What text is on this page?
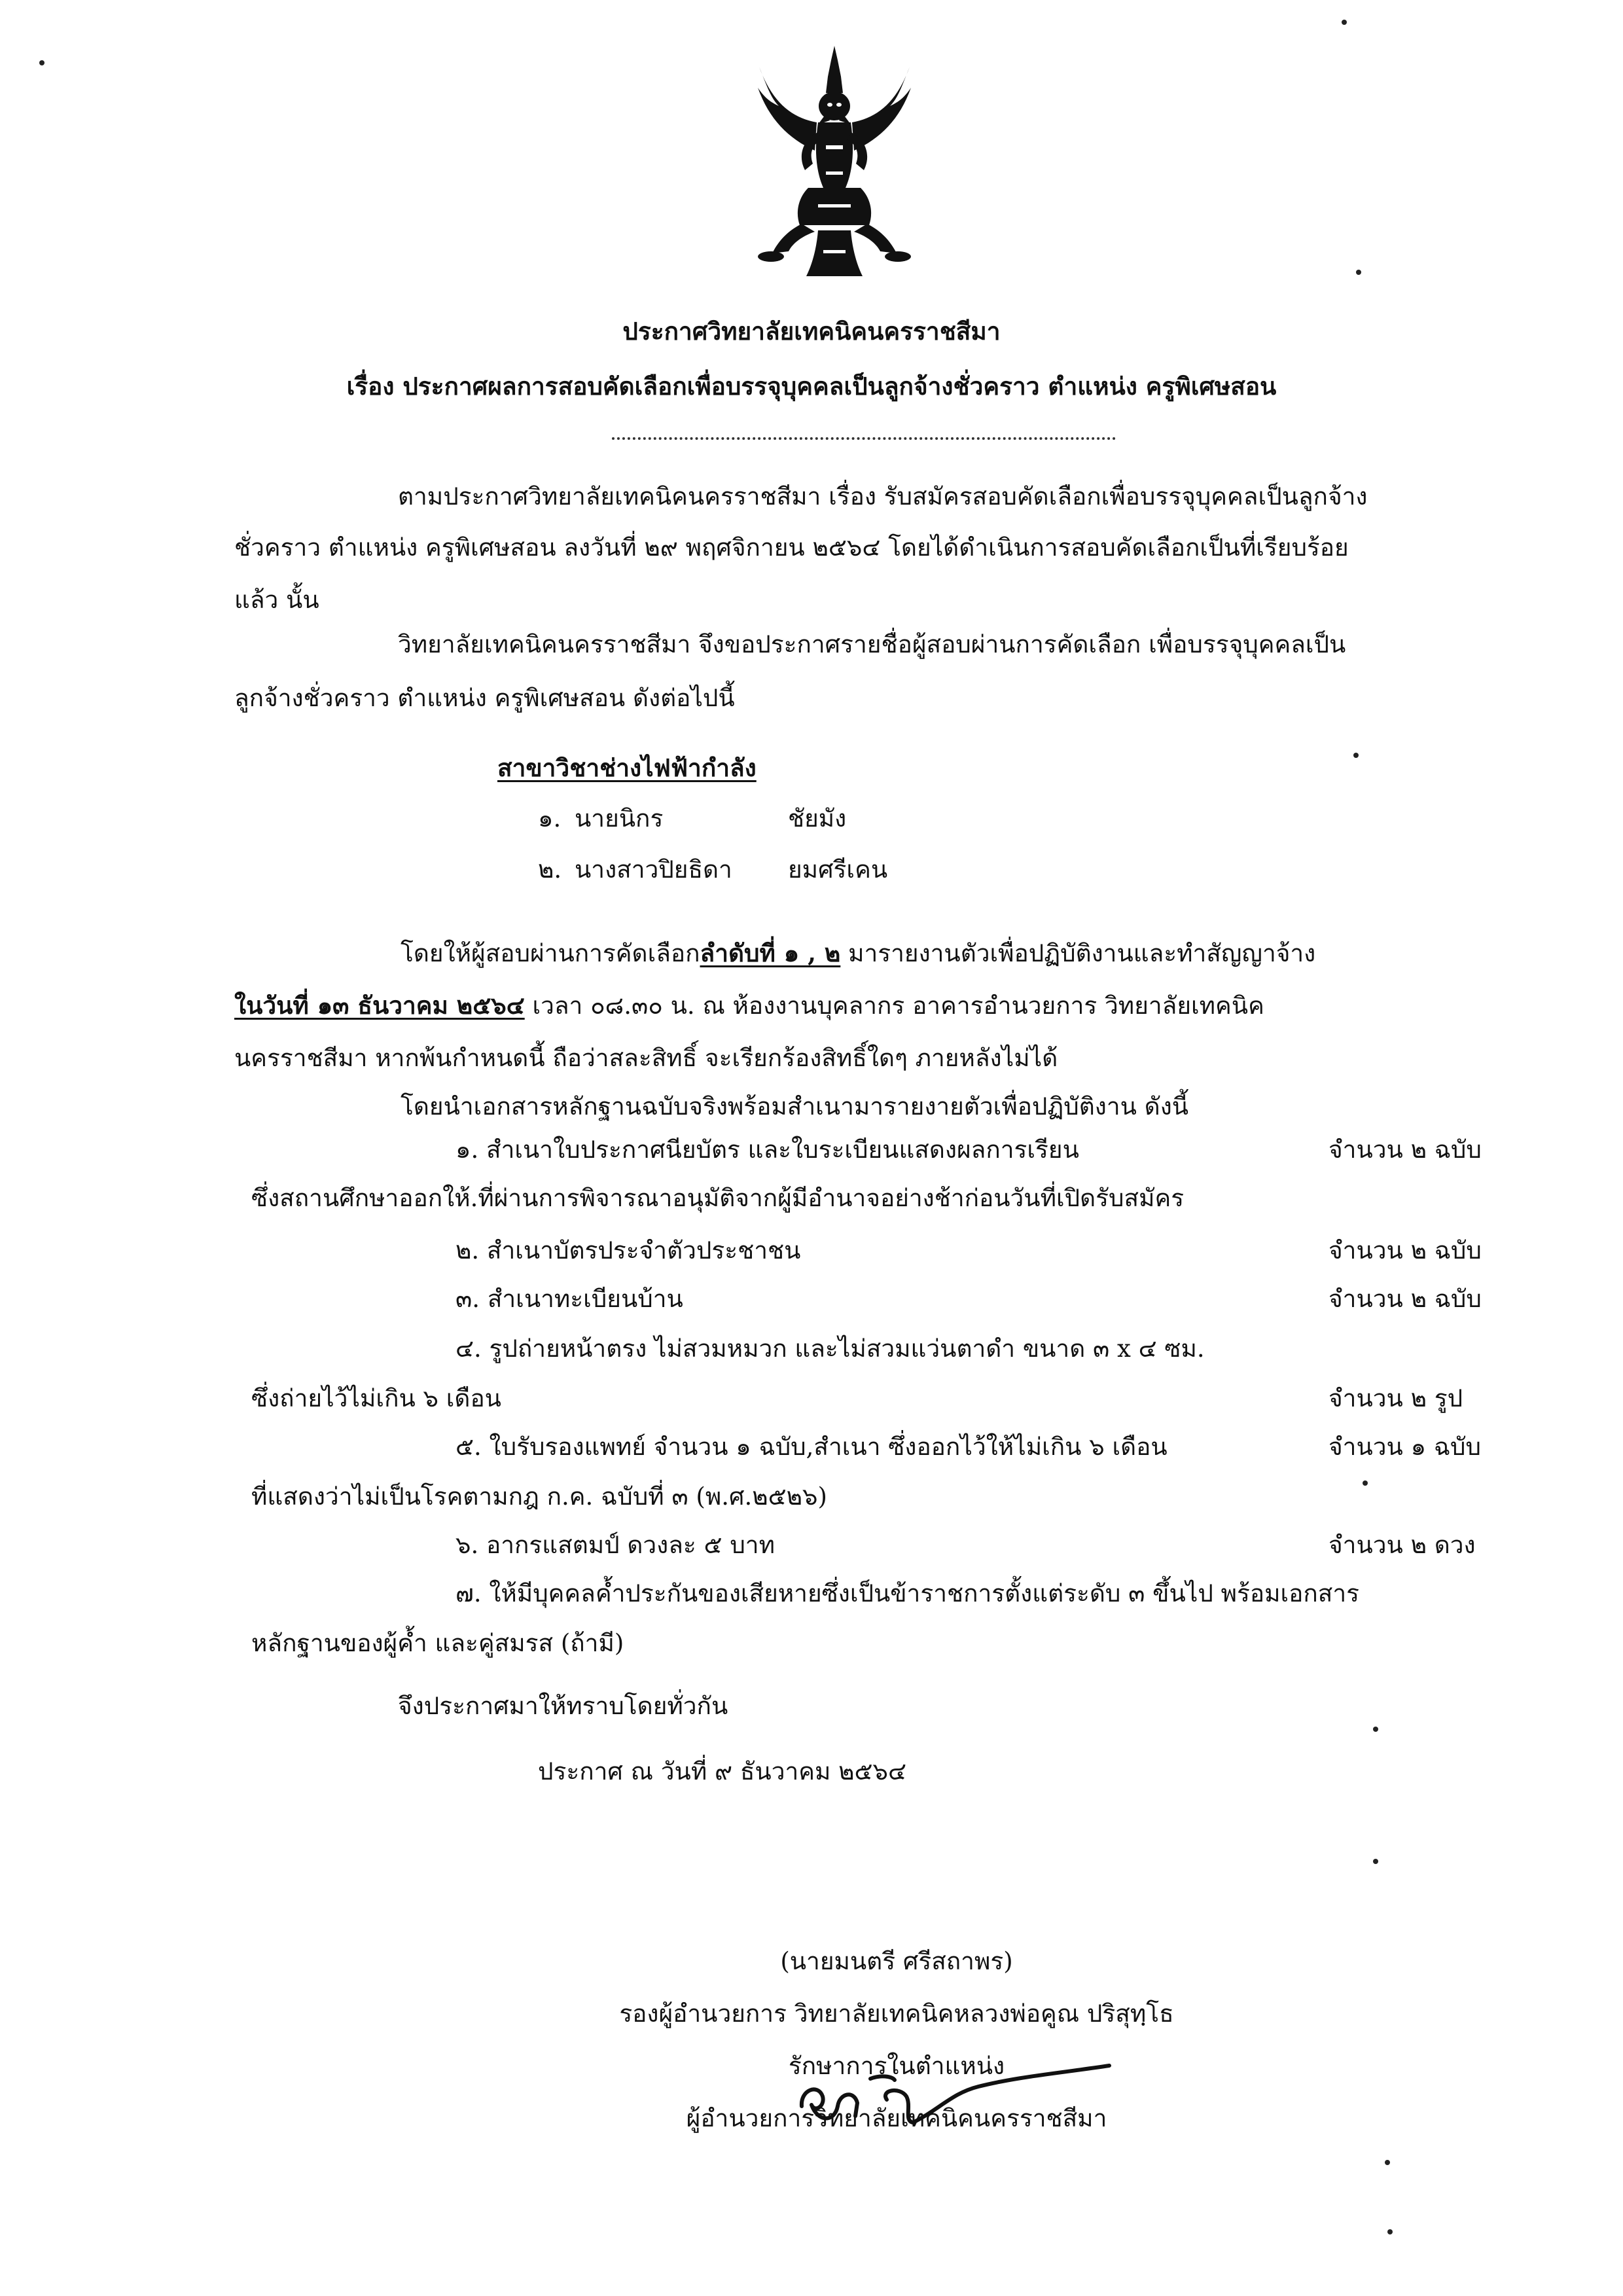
ประกาศวิทยาลัยเทคนิคนครราชสีมา
เรื่อง ประกาศผลการสอบคัดเลือกเพื่อบรรจุบุคคลเป็นลูกจ้างชั่วคราว ตำแหน่ง ครูพิเศษสอน
ตามประกาศวิทยาลัยเทคนิคนครราชสีมา เรื่อง รับสมัครสอบคัดเลือกเพื่อบรรจุบุคคลเป็นลูกจ้าง
ชั่วคราว ตำแหน่ง ครูพิเศษสอน ลงวันที่ ๒๙ พฤศจิกายน ๒๕๖๔ โดยได้ดำเนินการสอบคัดเลือกเป็นที่เรียบร้อย
แล้ว นั้น
วิทยาลัยเทคนิคนครราชสีมา จึงขอประกาศรายชื่อผู้สอบผ่านการคัดเลือก เพื่อบรรจุบุคคลเป็น
ลูกจ้างชั่วคราว ตำแหน่ง ครูพิเศษสอน ดังต่อไปนี้
สาขาวิชาช่างไฟฟ้ากำลัง
๑. นายนิกร	ชัยมัง
๒. นางสาวปิยธิดา ยมศรีเคน
โดยให้ผู้สอบผ่านการคัดเลือกลำดับที่ ๑ , ๒ มารายงานตัวเพื่อปฏิบัติงานและทำสัญญาจ้าง
ในวันที่ ๑๓ ธันวาคม ๒๕๖๔ เวลา ๐๘.๓๐ น. ณ ห้องงานบุคลากร อาคารอำนวยการ วิทยาลัยเทคนิค
นครราชสีมา หากพ้นกำหนดนี้ ถือว่าสละสิทธิ์ จะเรียกร้องสิทธิ์ใดๆ ภายหลังไม่ได้
โดยนำเอกสารหลักฐานฉบับจริงพร้อมสำเนามารายงายตัวเพื่อปฏิบัติงาน ดังนี้
๑. สำเนาใบประกาศนียบัตร และใบระเบียนแสดงผลการเรียน	จำนวน ๒ ฉบับ
ซึ่งสถานศึกษาออกให้.ที่ผ่านการพิจารณาอนุมัติจากผู้มีอำนาจอย่างช้าก่อนวันที่เปิดรับสมัคร
๒. สำเนาบัตรประจำตัวประชาชน	จำนวน ๒ ฉบับ
๓. สำเนาทะเบียนบ้าน	จำนวน ๒ ฉบับ
๔. รูปถ่ายหน้าตรง ไม่สวมหมวก และไม่สวมแว่นตาดำ ขนาด ๓ x ๔ ซม.
ซึ่งถ่ายไว้ไม่เกิน ๖ เดือน	จำนวน ๒ รูป
๕. ใบรับรองแพทย์ จำนวน ๑ ฉบับ,สำเนา ซึ่งออกไว้ให้ไม่เกิน ๖ เดือน	จำนวน ๑ ฉบับ
ที่แสดงว่าไม่เป็นโรคตามกฎ ก.ค. ฉบับที่ ๓ (พ.ศ.๒๕๒๖)
๖. อากรแสตมป์ ดวงละ ๕ บาท	จำนวน ๒ ดวง
๗. ให้มีบุคคลค้ำประกันของเสียหายซึ่งเป็นข้าราชการตั้งแต่ระดับ ๓ ขึ้นไป พร้อมเอกสาร
หลักฐานของผู้ค้ำ และคู่สมรส (ถ้ามี)
จึงประกาศมาให้ทราบโดยทั่วกัน
ประกาศ ณ วันที่ ๙ ธันวาคม ๒๕๖๔
(นายมนตรี ศรีสถาพร)
รองผู้อำนวยการ วิทยาลัยเทคนิคหลวงพ่อคูณ ปริสุทฺโธ
รักษาการในตำแหน่ง
ผู้อำนวยการวิทยาลัยเทคนิคนครราชสีมา
